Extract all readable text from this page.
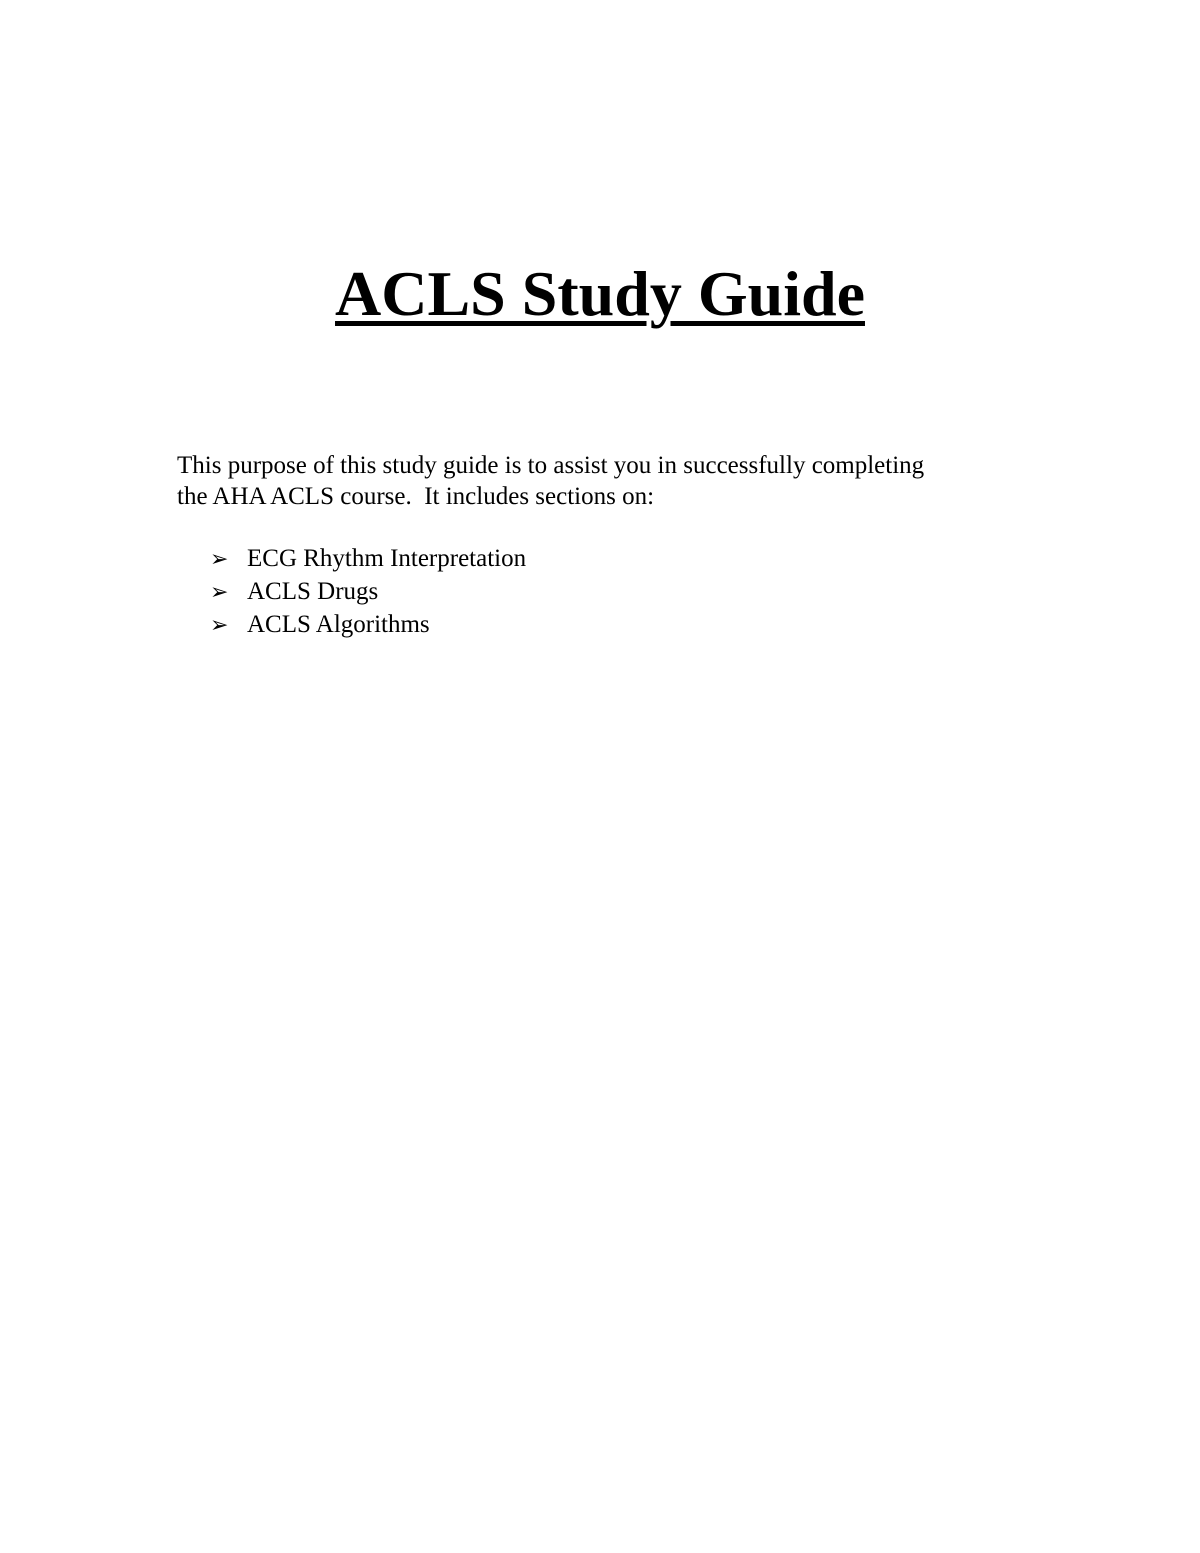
ACLS Study Guide

This purpose of this study guide is to assist you in successfully completing
the AHA ACLS course.  It includes sections on:

➢ ECG Rhythm Interpretation
➢ ACLS Drugs
➢ ACLS Algorithms
